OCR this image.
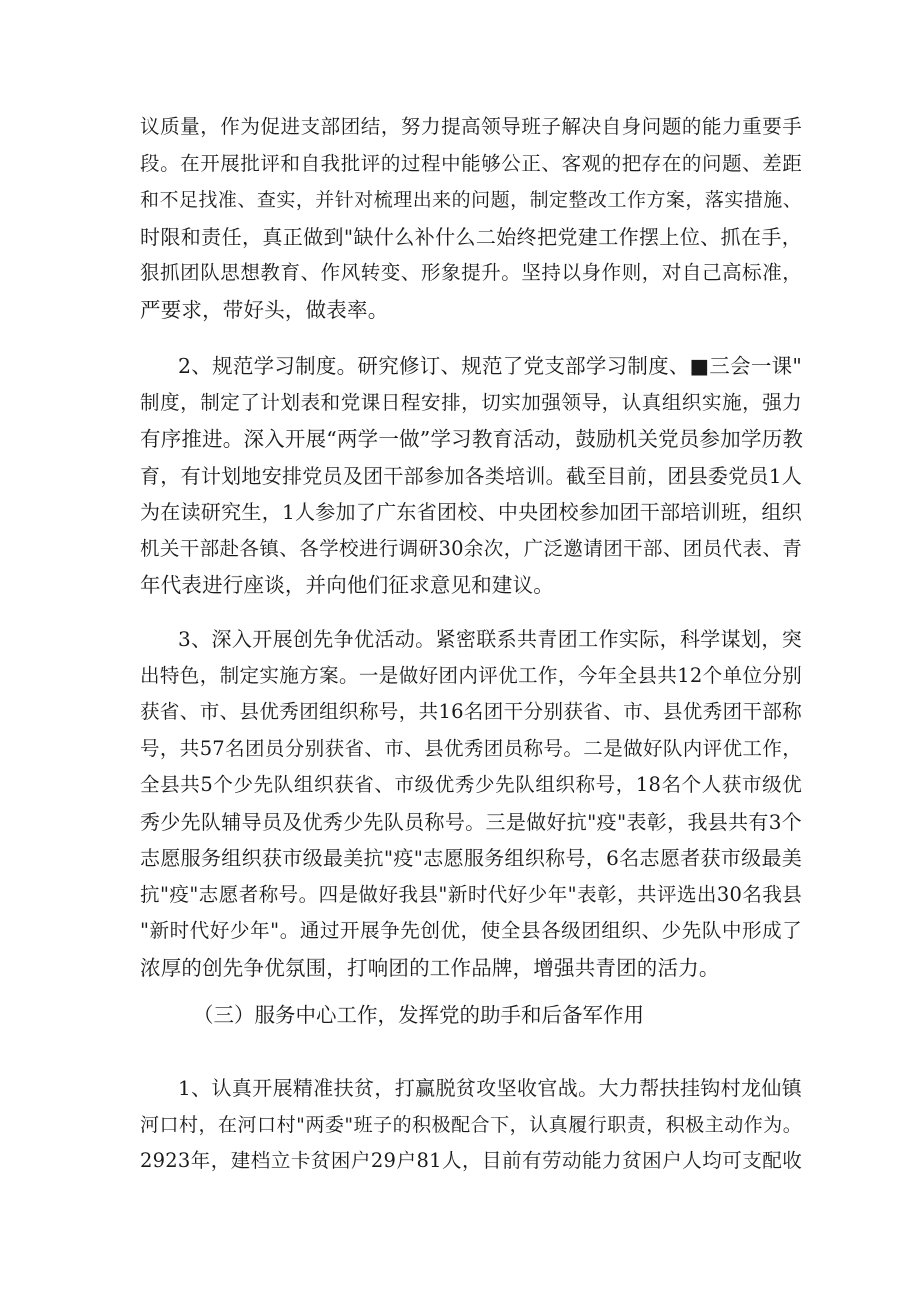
议质量，作为促进支部团结，努力提高领导班子解决自身问题的能力重要手
段。在开展批评和自我批评的过程中能够公正、客观的把存在的问题、差距
和不足找准、查实，并针对梳理出来的问题，制定整改工作方案，落实措施、
时限和责任，真正做到"缺什么补什么二始终把党建工作摆上位、抓在手，
狠抓团队思想教育、作风转变、形象提升。坚持以身作则，对自己高标准，
严要求，带好头，做表率。
2、规范学习制度。研究修订、规范了党支部学习制度、■三会一课"
制度，制定了计划表和党课日程安排，切实加强领导，认真组织实施，强力
有序推进。深入开展“两学一做”学习教育活动，鼓励机关党员参加学历教
育，有计划地安排党员及团干部参加各类培训。截至目前，团县委党员1人
为在读研究生，1人参加了广东省团校、中央团校参加团干部培训班，组织
机关干部赴各镇、各学校进行调研30余次，广泛邀请团干部、团员代表、青
年代表进行座谈，并向他们征求意见和建议。
3、深入开展创先争优活动。紧密联系共青团工作实际，科学谋划，突
出特色，制定实施方案。一是做好团内评优工作，今年全县共12个单位分别
获省、市、县优秀团组织称号，共16名团干分别获省、市、县优秀团干部称
号，共57名团员分别获省、市、县优秀团员称号。二是做好队内评优工作，
全县共5个少先队组织获省、市级优秀少先队组织称号，18名个人获市级优
秀少先队辅导员及优秀少先队员称号。三是做好抗"疫"表彰，我县共有3个
志愿服务组织获市级最美抗"疫"志愿服务组织称号，6名志愿者获市级最美
抗"疫"志愿者称号。四是做好我县"新时代好少年"表彰，共评选出30名我县
"新时代好少年"。通过开展争先创优，使全县各级团组织、少先队中形成了
浓厚的创先争优氛围，打响团的工作品牌，增强共青团的活力。
（三）服务中心工作，发挥党的助手和后备军作用
1、认真开展精准扶贫，打赢脱贫攻坚收官战。大力帮扶挂钩村龙仙镇
河口村，在河口村"两委"班子的积极配合下，认真履行职责，积极主动作为。
2923年，建档立卡贫困户29户81人，目前有劳动能力贫困户人均可支配收
